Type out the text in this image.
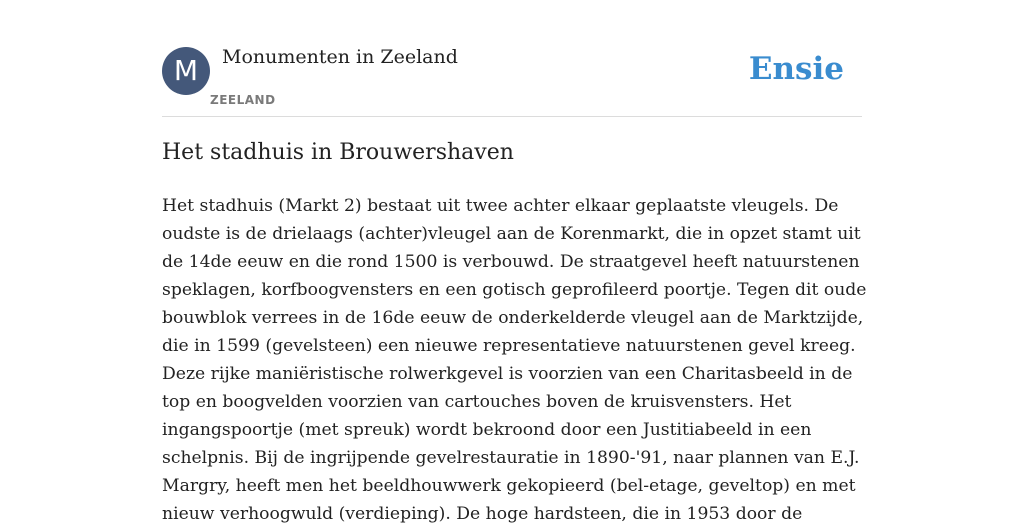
M	Monumenten in Zeeland
ZEELAND
Ensie
Het stadhuis in Brouwershaven

Het stadhuis (Markt 2) bestaat uit twee achter elkaar geplaatste vleugels. De
oudste is de drielaags (achter)vleugel aan de Korenmarkt, die in opzet stamt uit
de 14de eeuw en die rond 1500 is verbouwd. De straatgevel heeft natuurstenen
speklagen, korfboogvensters en een gotisch geprofileerd poortje. Tegen dit oude
bouwblok verrees in de 16de eeuw de onderkelderde vleugel aan de Marktzijde,
die in 1599 (gevelsteen) een nieuwe representatieve natuurstenen gevel kreeg.
Deze rijke maniëristische rolwerkgevel is voorzien van een Charitasbeeld in de
top en boogvelden voorzien van cartouches boven de kruisvensters. Het
ingangspoortje (met spreuk) wordt bekroond door een Justitiabeeld in een
schelpnis. Bij de ingrijpende gevelrestauratie in 1890-'91, naar plannen van E.J.
Margry, heeft men het beeldhouwwerk gekopieerd (bel-etage, geveltop) en met
nieuw verhoogwuld (verdieping). De hoge hardsteen, die in 1953 door de
